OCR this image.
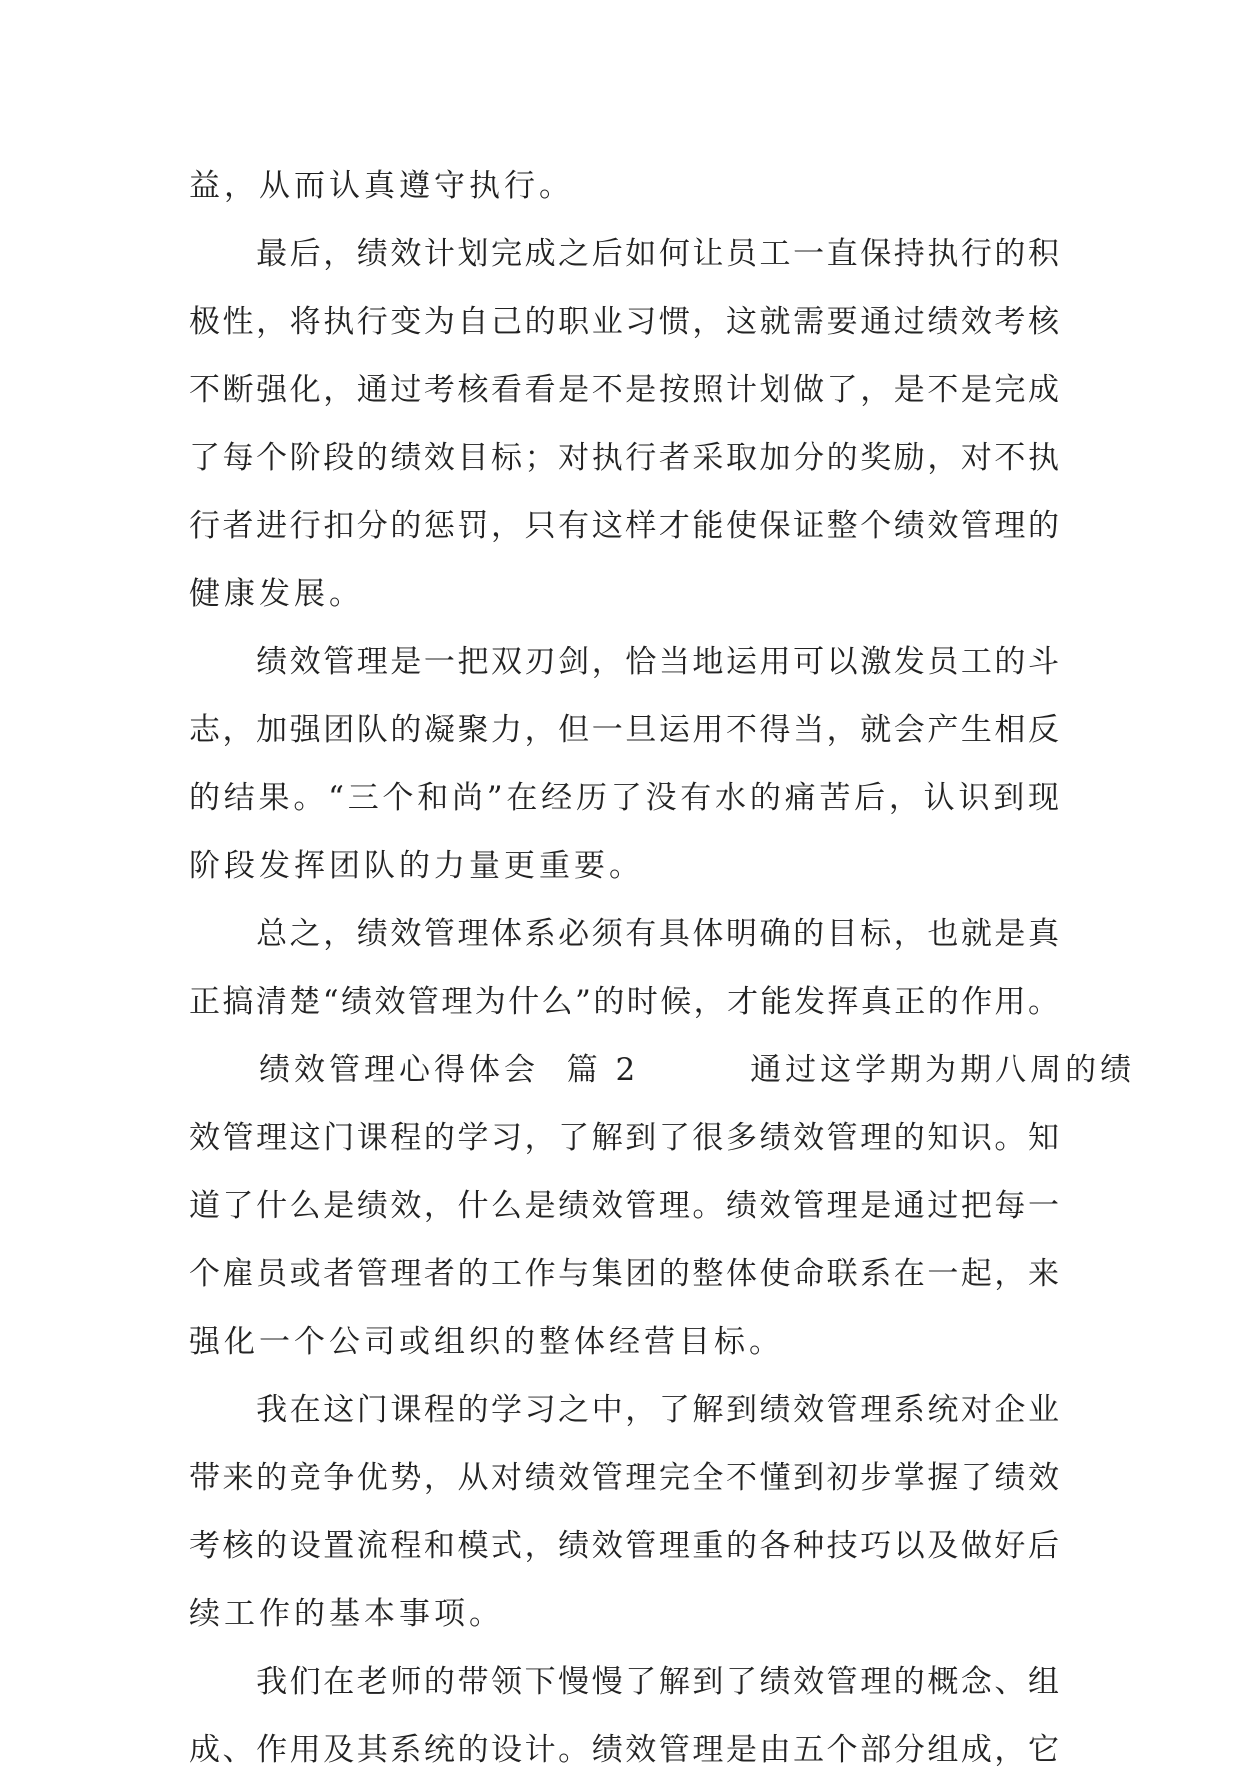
益，从而认真遵守执行。
　　最后，绩效计划完成之后如何让员工一直保持执行的积
极性，将执行变为自己的职业习惯，这就需要通过绩效考核
不断强化，通过考核看看是不是按照计划做了，是不是完成
了每个阶段的绩效目标；对执行者采取加分的奖励，对不执
行者进行扣分的惩罚，只有这样才能使保证整个绩效管理的
健康发展。
　　绩效管理是一把双刃剑，恰当地运用可以激发员工的斗
志，加强团队的凝聚力，但一旦运用不得当，就会产生相反
的结果。“三个和尚”在经历了没有水的痛苦后，认识到现
阶段发挥团队的力量更重要。
　　总之，绩效管理体系必须有具体明确的目标，也就是真
正搞清楚“绩效管理为什么”的时候，才能发挥真正的作用。
　　绩效管理心得体会  篇 2        通过这学期为期八周的绩
效管理这门课程的学习，了解到了很多绩效管理的知识。知
道了什么是绩效，什么是绩效管理。绩效管理是通过把每一
个雇员或者管理者的工作与集团的整体使命联系在一起，来
强化一个公司或组织的整体经营目标。
　　我在这门课程的学习之中，了解到绩效管理系统对企业
带来的竞争优势，从对绩效管理完全不懂到初步掌握了绩效
考核的设置流程和模式，绩效管理重的各种技巧以及做好后
续工作的基本事项。
　　我们在老师的带领下慢慢了解到了绩效管理的概念、组
成、作用及其系统的设计。绩效管理是由五个部分组成，它
